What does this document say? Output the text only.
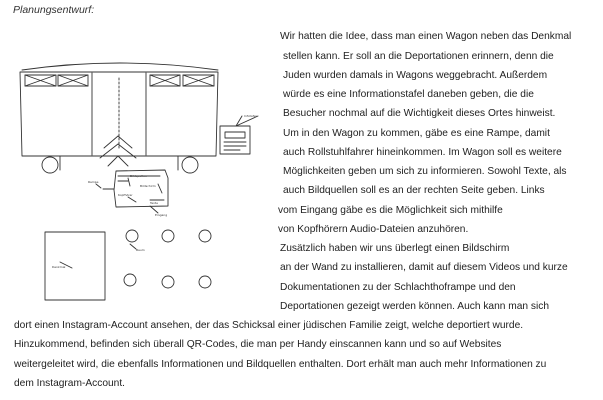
Planungsentwurf:
Infotafel
Bildquellen
Kopfhörer
Bildschirm
Texte
Eingang
Rampe
Denkmal
Baum
Wir hatten die Idee, dass man einen Wagon neben das Denkmal
stellen kann. Er soll an die Deportationen erinnern, denn die
Juden wurden damals in Wagons weggebracht. Außerdem
würde es eine Informationstafel daneben geben, die die
Besucher nochmal auf die Wichtigkeit dieses Ortes hinweist.
Um in den Wagon zu kommen, gäbe es eine Rampe, damit
auch Rollstuhlfahrer hineinkommen. Im Wagon soll es weitere
Möglichkeiten geben um sich zu informieren. Sowohl Texte, als
auch Bildquellen soll es an der rechten Seite geben. Links
vom Eingang gäbe es die Möglichkeit sich mithilfe
von Kopfhörern Audio-Dateien anzuhören.
Zusätzlich haben wir uns überlegt einen Bildschirm
an der Wand zu installieren, damit auf diesem Videos und kurze
Dokumentationen zu der Schlachthoframpe und den
Deportationen gezeigt werden können. Auch kann man sich
dort einen Instagram-Account ansehen, der das Schicksal einer jüdischen Familie zeigt, welche deportiert wurde.
Hinzukommend, befinden sich überall QR-Codes, die man per Handy einscannen kann und so auf Websites
weitergeleitet wird, die ebenfalls Informationen und Bildquellen enthalten. Dort erhält man auch mehr Informationen zu
dem Instagram-Account.
